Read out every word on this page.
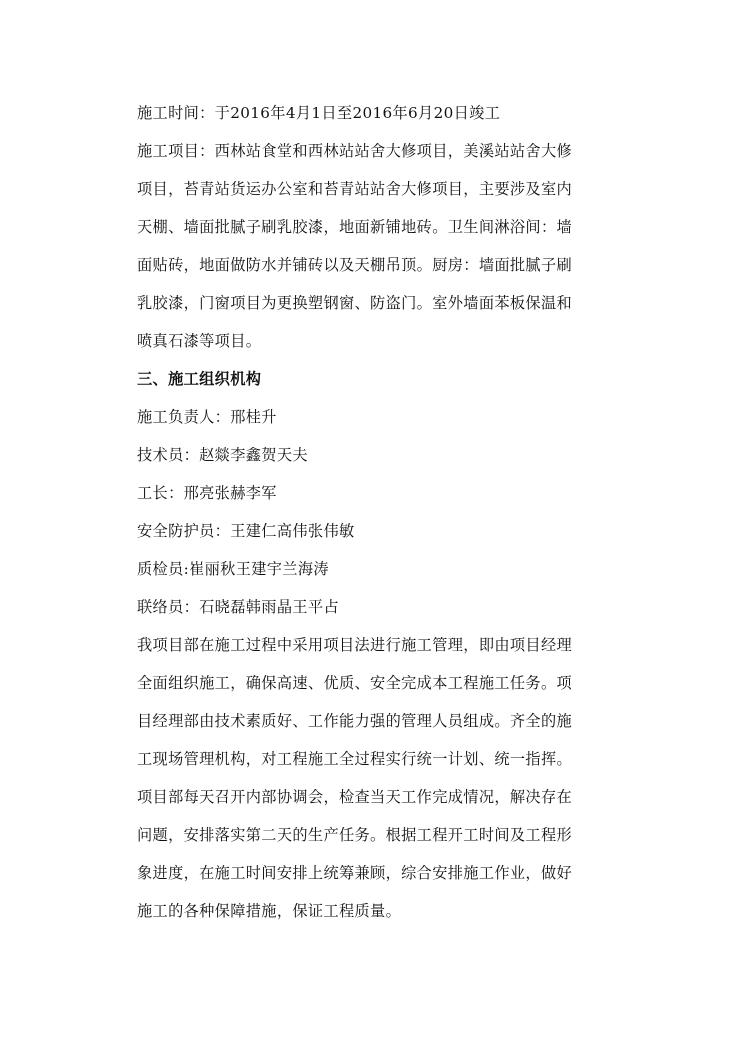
施工时间：于2016年4月1日至2016年6月20日竣工
施工项目：西林站食堂和西林站站舍大修项目，美溪站站舍大修
项目，苔青站货运办公室和苔青站站舍大修项目，主要涉及室内
天棚、墙面批腻子刷乳胶漆，地面新铺地砖。卫生间淋浴间：墙
面贴砖，地面做防水并铺砖以及天棚吊顶。厨房：墙面批腻子刷
乳胶漆，门窗项目为更换塑钢窗、防盗门。室外墙面苯板保温和
喷真石漆等项目。
三、施工组织机构
施工负责人：邢桂升
技术员：赵燚李鑫贺天夫
工长：邢亮张赫李军
安全防护员：王建仁高伟张伟敏
质检员:崔丽秋王建宇兰海涛
联络员：石晓磊韩雨晶王平占
我项目部在施工过程中采用项目法进行施工管理，即由项目经理
全面组织施工，确保高速、优质、安全完成本工程施工任务。项
目经理部由技术素质好、工作能力强的管理人员组成。齐全的施
工现场管理机构，对工程施工全过程实行统一计划、统一指挥。
项目部每天召开内部协调会，检查当天工作完成情况，解决存在
问题，安排落实第二天的生产任务。根据工程开工时间及工程形
象进度，在施工时间安排上统筹兼顾，综合安排施工作业，做好
施工的各种保障措施，保证工程质量。
